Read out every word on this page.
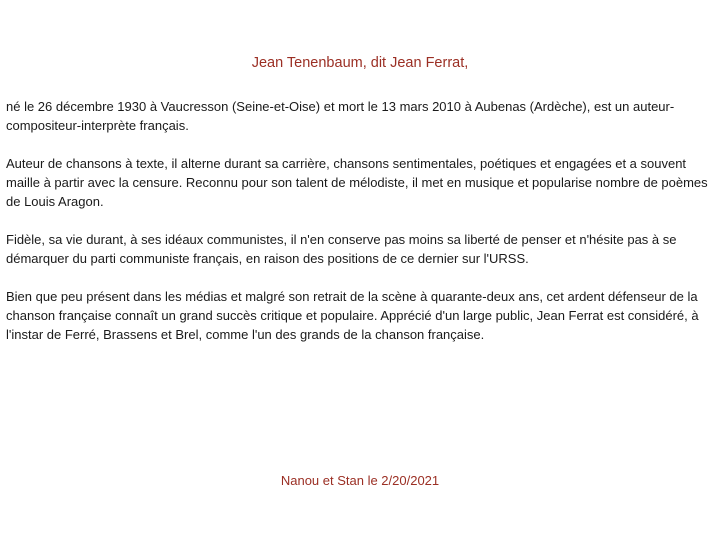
Jean Tenenbaum, dit Jean Ferrat,

né le 26 décembre 1930 à Vaucresson (Seine-et-Oise) et mort le 13 mars 2010 à Aubenas (Ardèche), est un auteur-compositeur-interprète français.

Auteur de chansons à texte, il alterne durant sa carrière, chansons sentimentales, poétiques et engagées et a souvent maille à partir avec la censure. Reconnu pour son talent de mélodiste, il met en musique et popularise nombre de poèmes de Louis Aragon.

Fidèle, sa vie durant, à ses idéaux communistes, il n'en conserve pas moins sa liberté de penser et n'hésite pas à se démarquer du parti communiste français, en raison des positions de ce dernier sur l'URSS.

Bien que peu présent dans les médias et malgré son retrait de la scène à quarante-deux ans, cet ardent défenseur de la chanson française connaît un grand succès critique et populaire. Apprécié d'un large public, Jean Ferrat est considéré, à l'instar de Ferré, Brassens et Brel, comme l'un des grands de la chanson française.

Nanou et Stan le 2/20/2021
